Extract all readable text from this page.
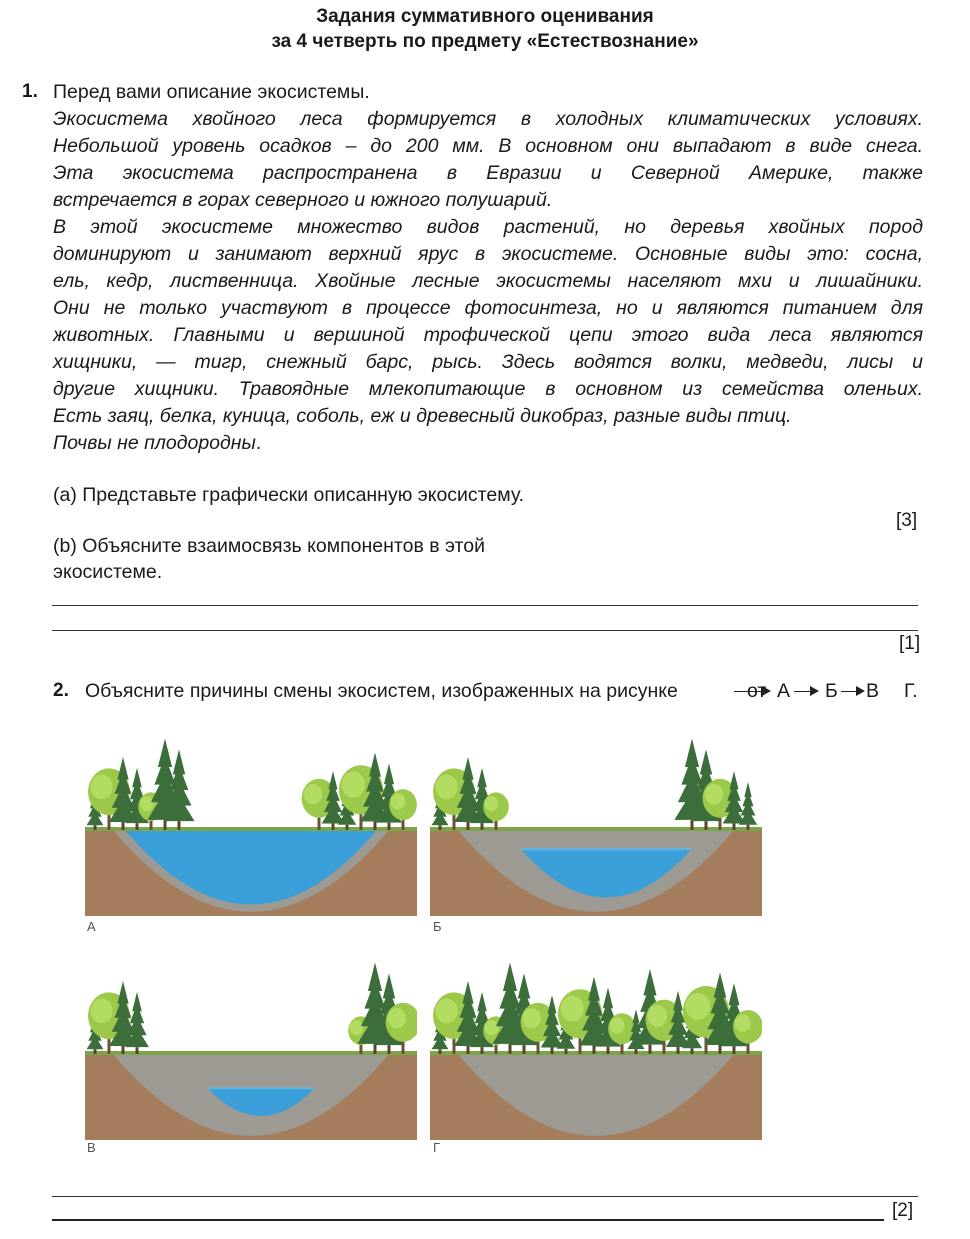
Задания суммативного оценивания
за 4 четверть по предмету «Естествознание»
1. Перед вами описание экосистемы.
Экосистема хвойного леса формируется в холодных климатических условиях.
Небольшой уровень осадков – до 200 мм. В основном они выпадают в виде снега.
Эта экосистема распространена в Евразии и Северной Америке, также
встречается в горах северного и южного полушарий.
В этой экосистеме множество видов растений, но деревья хвойных пород
доминируют и занимают верхний ярус в экосистеме. Основные виды это: сосна,
ель, кедр, лиственница. Хвойные лесные экосистемы населяют мхи и лишайники.
Они не только участвуют в процессе фотосинтеза, но и являются питанием для
животных. Главными и вершиной трофической цепи этого вида леса являются
хищники, — тигр, снежный барс, рысь. Здесь водятся волки, медведи, лисы и
другие хищники. Травоядные млекопитающие в основном из семейства оленьих.
Есть заяц, белка, куница, соболь, еж и древесный дикобраз, разные виды птиц.
Почвы не плодородны.
(a) Представьте графически описанную экосистему.
[3]
(b) Объясните взаимосвязь компонентов в этой
экосистеме.
[1]
2. Объясните причины смены экосистем, изображенных на рисунке	от А Б В Г.
А	Б
В	Г
[2]
